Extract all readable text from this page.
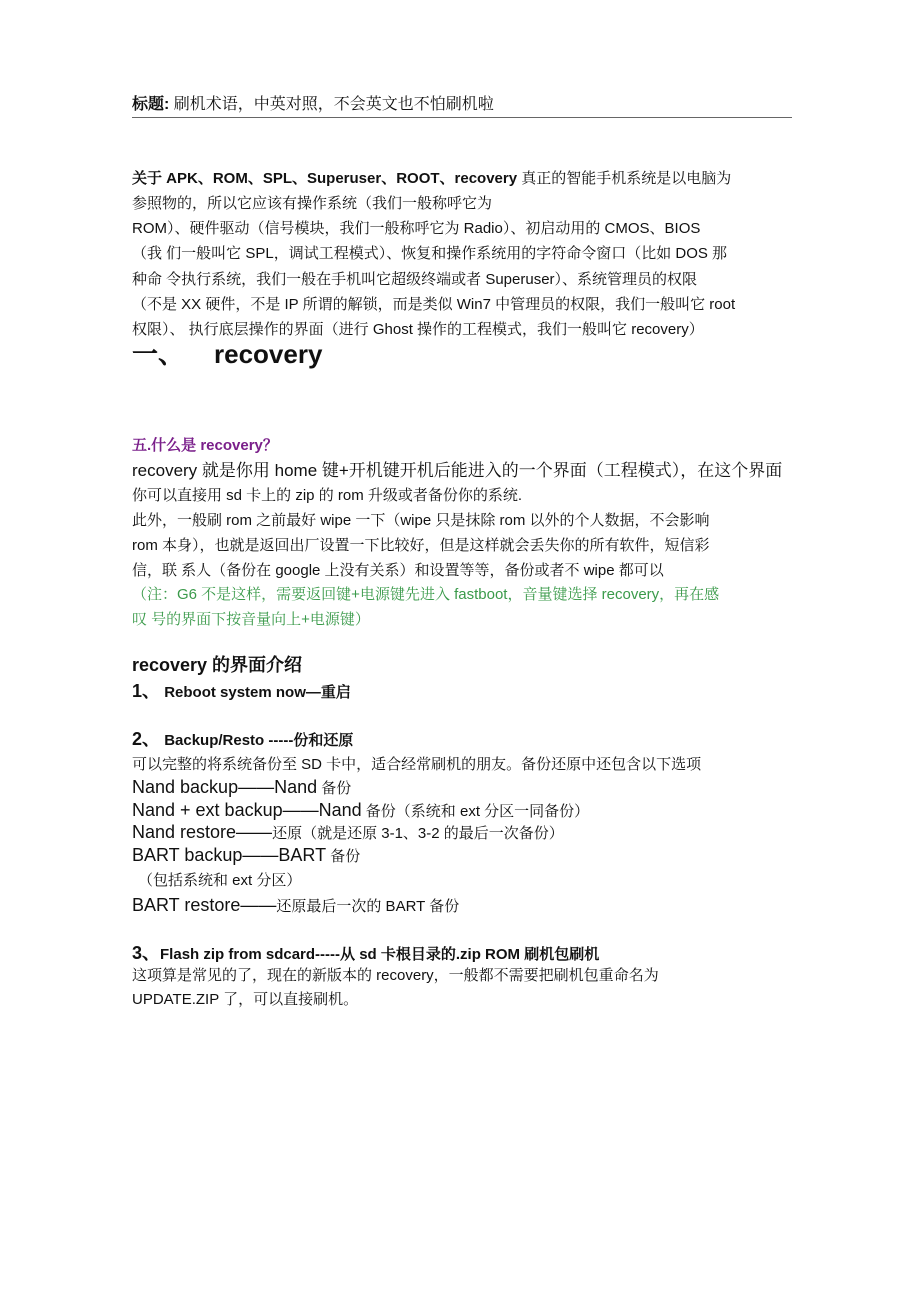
标题: 刷机术语，中英对照，不会英文也不怕刷机啦
关于 APK、ROM、SPL、Superuser、ROOT、recovery 真正的智能手机系统是以电脑为
参照物的，所以它应该有操作系统（我们一般称呼它为
ROM）、硬件驱动（信号模块，我们一般称呼它为 Radio）、初启动用的 CMOS、BIOS
（我 们一般叫它 SPL，调试工程模式）、恢复和操作系统用的字符命令窗口（比如 DOS 那
种命 令执行系统，我们一般在手机叫它超级终端或者 Superuser）、系统管理员的权限
（不是 XX 硬件，不是 IP 所谓的解锁，而是类似 Win7 中管理员的权限，我们一般叫它 root
权限）、 执行底层操作的界面（进行 Ghost 操作的工程模式，我们一般叫它 recovery）
一、 recovery
五.什么是 recovery？
recovery 就是你用 home 键+开机键开机后能进入的一个界面（工程模式），在这个界面
你可以直接用 sd 卡上的 zip 的 rom 升级或者备份你的系统.
此外，一般刷 rom 之前最好 wipe 一下（wipe 只是抹除 rom 以外的个人数据，不会影响
rom 本身），也就是返回出厂设置一下比较好，但是这样就会丢失你的所有软件，短信彩
信，联 系人（备份在 google 上没有关系）和设置等等，备份或者不 wipe 都可以
（注：G6 不是这样，需要返回键+电源键先进入 fastboot，音量键选择 recovery，再在感
叹 号的界面下按音量向上+电源键）
recovery 的界面介绍
1、 Reboot system now—重启
2、 Backup/Resto -----份和还原
可以完整的将系统备份至 SD 卡中，适合经常刷机的朋友。备份还原中还包含以下选项
Nand backup——Nand 备份
Nand + ext backup——Nand 备份（系统和 ext 分区一同备份）
Nand restore——还原（就是还原 3-1、3-2 的最后一次备份）
BART backup——BART 备份
（包括系统和 ext 分区）
BART restore——还原最后一次的 BART 备份
3、Flash zip from sdcard-----从 sd 卡根目录的.zip ROM 刷机包刷机
这项算是常见的了，现在的新版本的 recovery，一般都不需要把刷机包重命名为
UPDATE.ZIP 了，可以直接刷机。
